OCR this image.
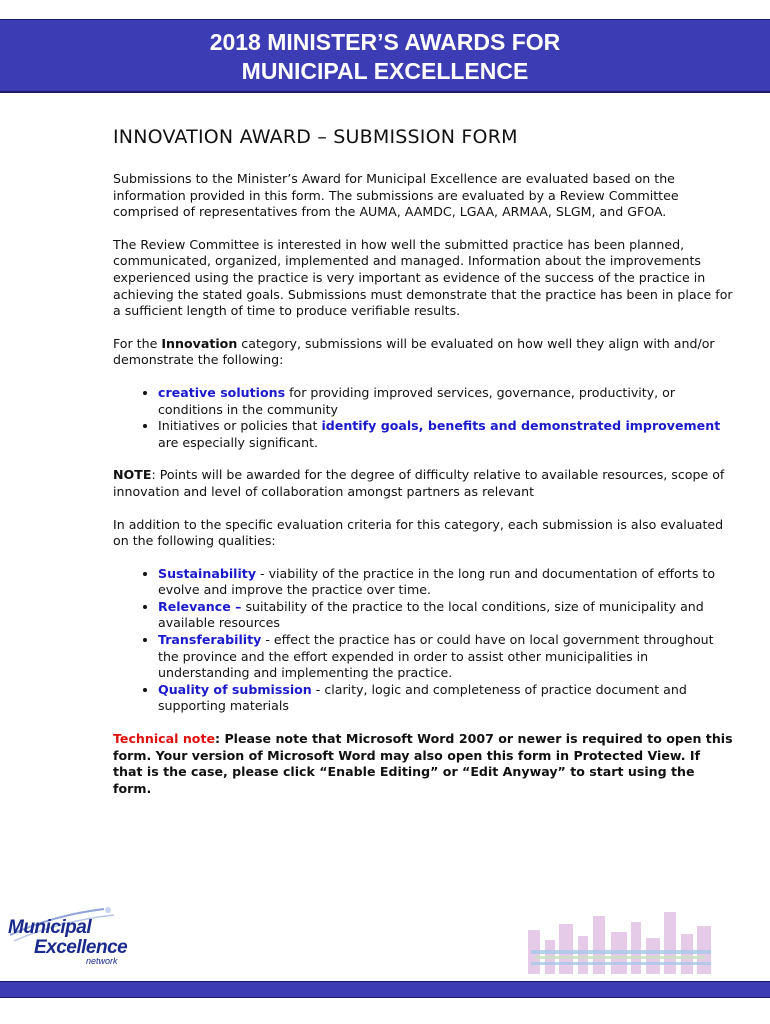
2018 MINISTER’S AWARDS FOR
MUNICIPAL EXCELLENCE
INNOVATION AWARD – SUBMISSION FORM

Submissions to the Minister’s Award for Municipal Excellence are evaluated based on the information provided in this form. The submissions are evaluated by a Review Committee comprised of representatives from the AUMA, AAMDC, LGAA, ARMAA, SLGM, and GFOA.

The Review Committee is interested in how well the submitted practice has been planned, communicated, organized, implemented and managed. Information about the improvements experienced using the practice is very important as evidence of the success of the practice in achieving the stated goals. Submissions must demonstrate that the practice has been in place for a sufficient length of time to produce verifiable results.

For the Innovation category, submissions will be evaluated on how well they align with and/or demonstrate the following:

• creative solutions for providing improved services, governance, productivity, or conditions in the community
• Initiatives or policies that identify goals, benefits and demonstrated improvement are especially significant.

NOTE: Points will be awarded for the degree of difficulty relative to available resources, scope of innovation and level of collaboration amongst partners as relevant

In addition to the specific evaluation criteria for this category, each submission is also evaluated on the following qualities:

• Sustainability - viability of the practice in the long run and documentation of efforts to evolve and improve the practice over time.
• Relevance – suitability of the practice to the local conditions, size of municipality and available resources
• Transferability - effect the practice has or could have on local government throughout the province and the effort expended in order to assist other municipalities in understanding and implementing the practice.
• Quality of submission - clarity, logic and completeness of practice document and supporting materials

Technical note: Please note that Microsoft Word 2007 or newer is required to open this form. Your version of Microsoft Word may also open this form in Protected View. If that is the case, please click “Enable Editing” or “Edit Anyway” to start using the form.

Municipal
Excellence
network
